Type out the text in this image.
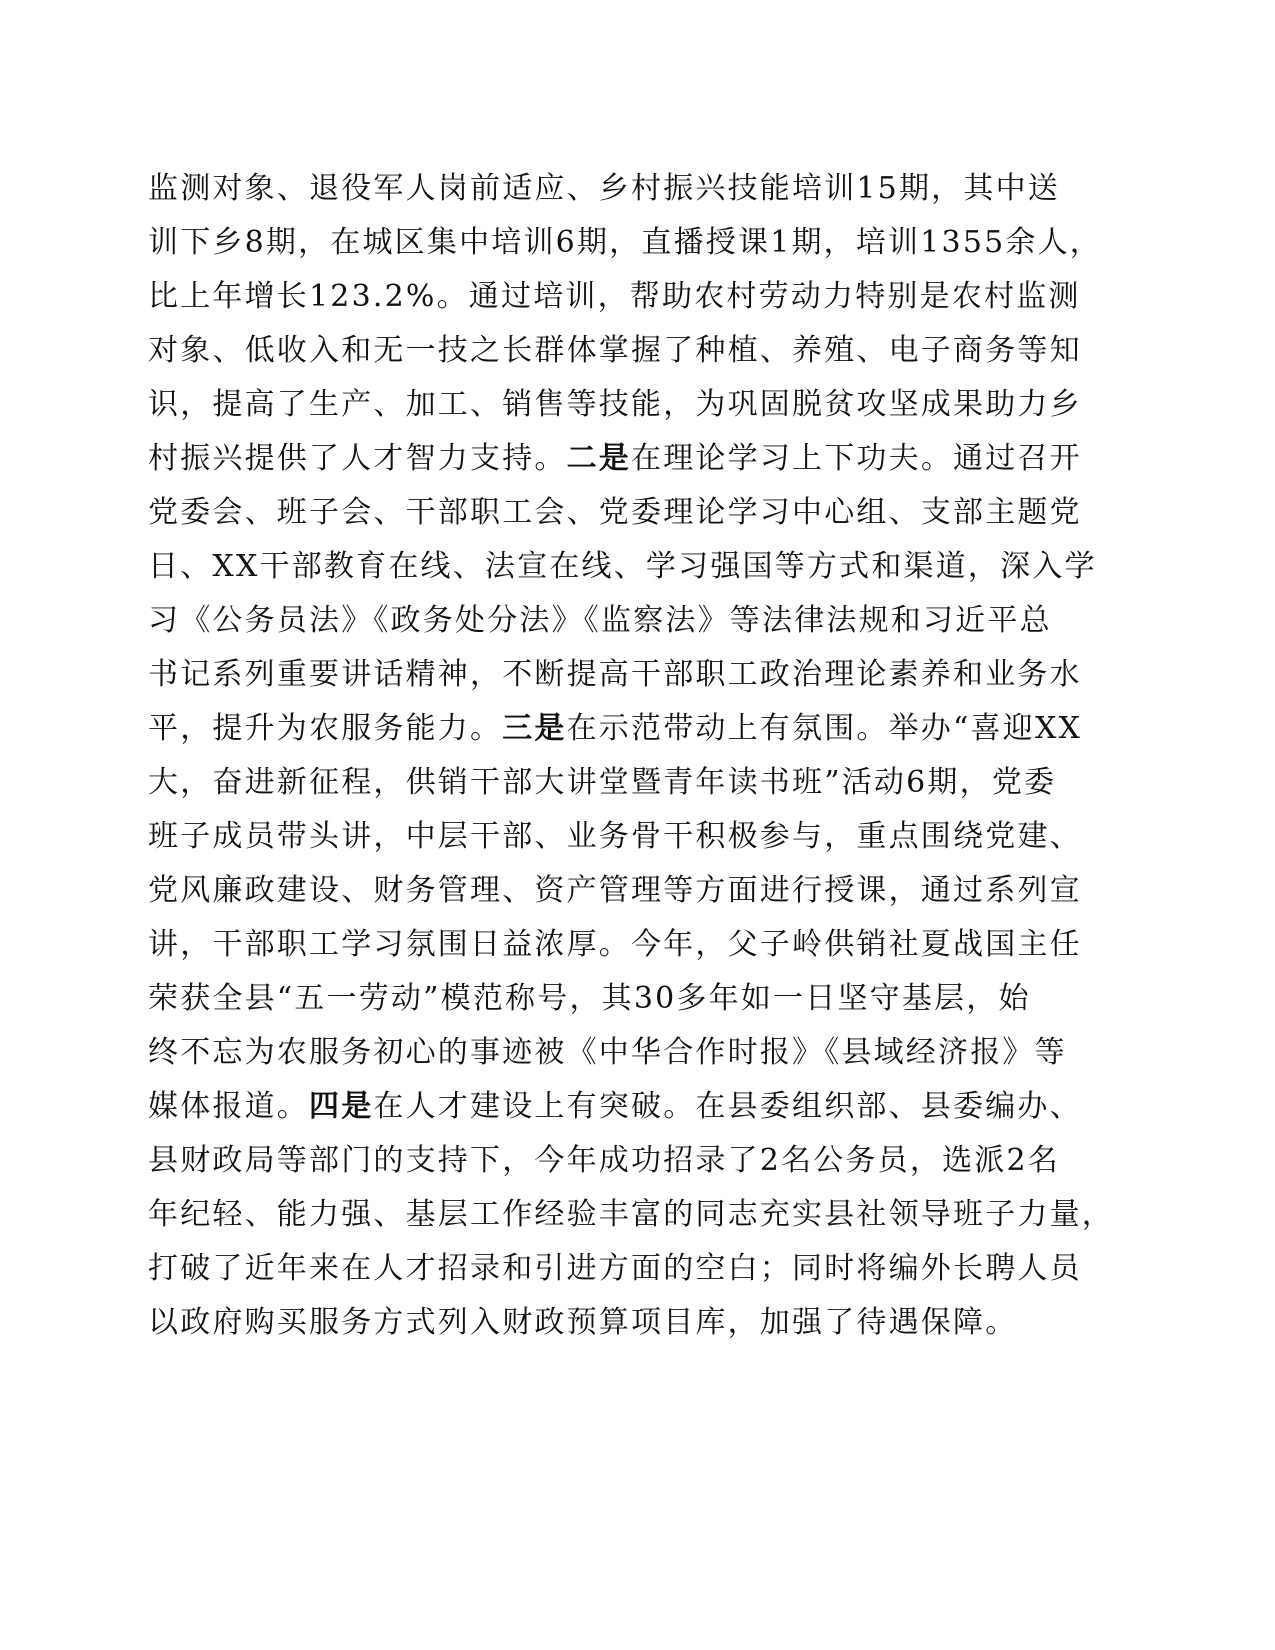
监测对象、退役军人岗前适应、乡村振兴技能培训15期，其中送
训下乡8期，在城区集中培训6期，直播授课1期，培训1355余人，
比上年增长123.2%。通过培训，帮助农村劳动力特别是农村监测
对象、低收入和无一技之长群体掌握了种植、养殖、电子商务等知
识，提高了生产、加工、销售等技能，为巩固脱贫攻坚成果助力乡
村振兴提供了人才智力支持。二是在理论学习上下功夫。通过召开
党委会、班子会、干部职工会、党委理论学习中心组、支部主题党
日、XX干部教育在线、法宣在线、学习强国等方式和渠道，深入学
习《公务员法》《政务处分法》《监察法》等法律法规和习近平总
书记系列重要讲话精神，不断提高干部职工政治理论素养和业务水
平，提升为农服务能力。三是在示范带动上有氛围。举办“喜迎XX
大，奋进新征程，供销干部大讲堂暨青年读书班”活动6期，党委
班子成员带头讲，中层干部、业务骨干积极参与，重点围绕党建、
党风廉政建设、财务管理、资产管理等方面进行授课，通过系列宣
讲，干部职工学习氛围日益浓厚。今年，父子岭供销社夏战国主任
荣获全县“五一劳动”模范称号，其30多年如一日坚守基层，始
终不忘为农服务初心的事迹被《中华合作时报》《县域经济报》等
媒体报道。四是在人才建设上有突破。在县委组织部、县委编办、
县财政局等部门的支持下，今年成功招录了2名公务员，选派2名
年纪轻、能力强、基层工作经验丰富的同志充实县社领导班子力量，
打破了近年来在人才招录和引进方面的空白；同时将编外长聘人员
以政府购买服务方式列入财政预算项目库，加强了待遇保障。
